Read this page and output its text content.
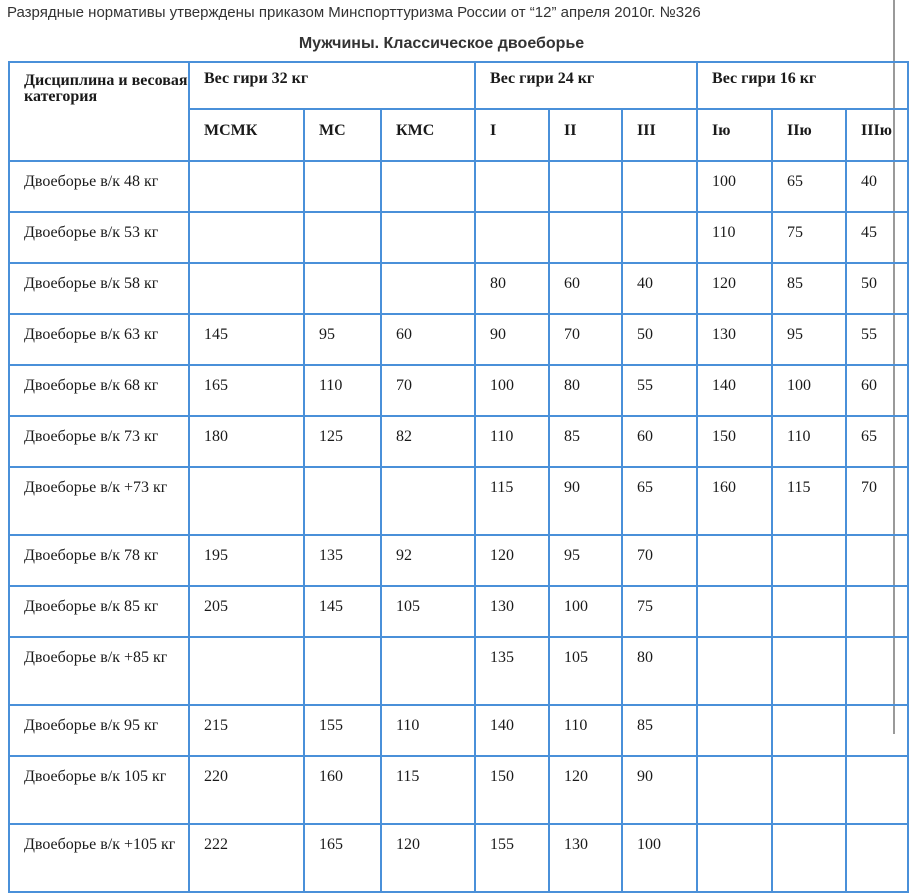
Разрядные нормативы утверждены приказом Минспорттуризма России от “12” апреля 2010г. №326
Мужчины. Классическое двоеборье
Дисциплина и весовая категория	Вес гири 32 кг			Вес гири 24 кг			Вес гири 16 кг		
	МСМК	МС	КМС	I	II	III	Iю	IIю	IIIю
Двоеборье в/к 48 кг							100	65	40
Двоеборье в/к 53 кг							110	75	45
Двоеборье в/к 58 кг				80	60	40	120	85	50
Двоеборье в/к 63 кг	145	95	60	90	70	50	130	95	55
Двоеборье в/к 68 кг	165	110	70	100	80	55	140	100	60
Двоеборье в/к 73 кг	180	125	82	110	85	60	150	110	65
Двоеборье в/к +73 кг				115	90	65	160	115	70
Двоеборье в/к 78 кг	195	135	92	120	95	70			
Двоеборье в/к 85 кг	205	145	105	130	100	75			
Двоеборье в/к +85 кг				135	105	80			
Двоеборье в/к 95 кг	215	155	110	140	110	85			
Двоеборье в/к 105 кг	220	160	115	150	120	90			
Двоеборье в/к +105 кг	222	165	120	155	130	100			
